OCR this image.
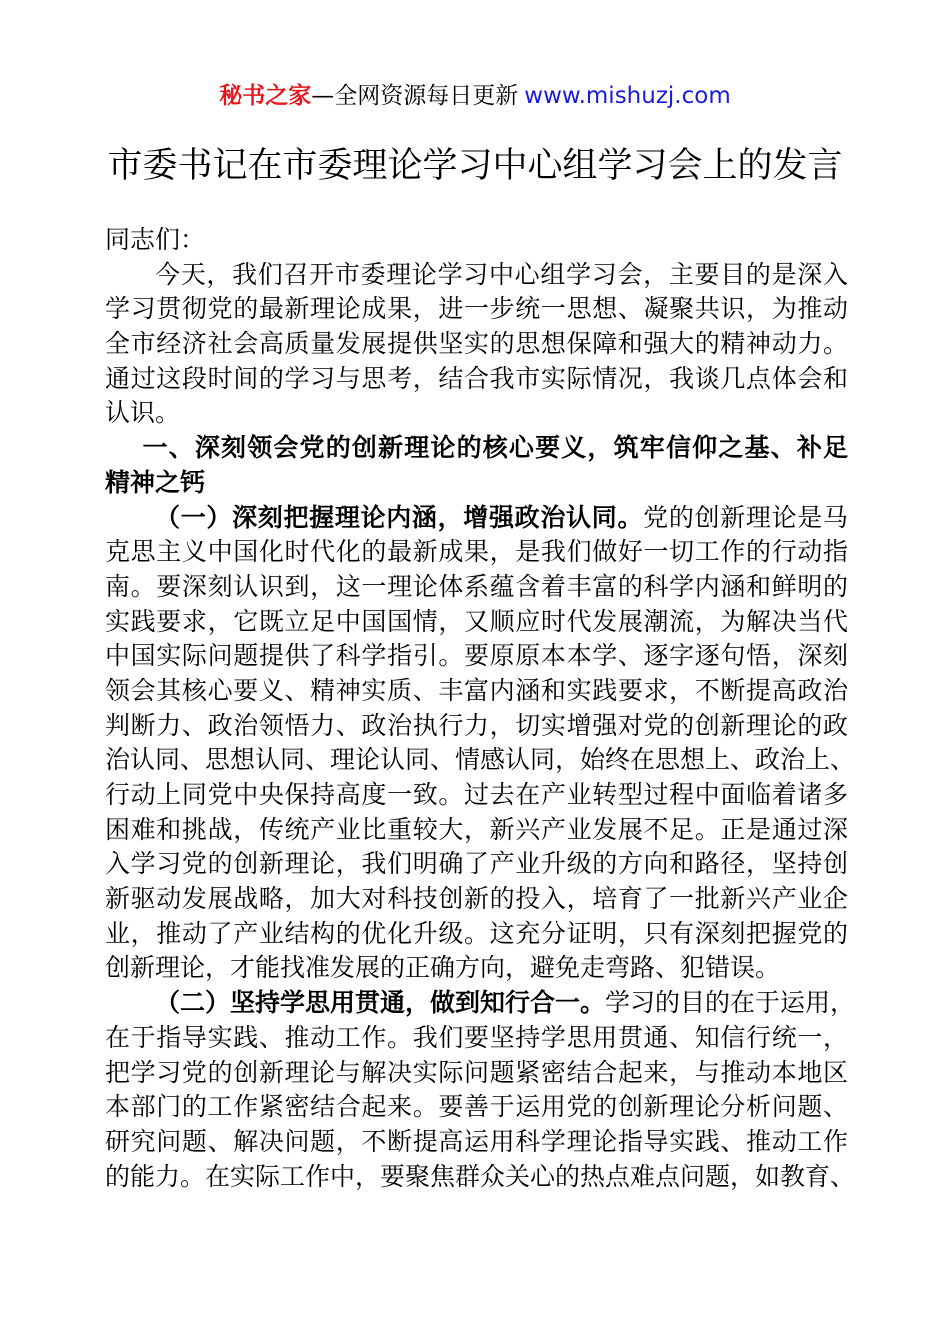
秘书之家—全网资源每日更新 www.mishuzj.com
市委书记在市委理论学习中心组学习会上的发言
同志们：
今天，我们召开市委理论学习中心组学习会，主要目的是深入
学习贯彻党的最新理论成果，进一步统一思想、凝聚共识，为推动
全市经济社会高质量发展提供坚实的思想保障和强大的精神动力。
通过这段时间的学习与思考，结合我市实际情况，我谈几点体会和
认识。
一、深刻领会党的创新理论的核心要义，筑牢信仰之基、补足
精神之钙
（一）深刻把握理论内涵，增强政治认同。党的创新理论是马
克思主义中国化时代化的最新成果，是我们做好一切工作的行动指
南。要深刻认识到，这一理论体系蕴含着丰富的科学内涵和鲜明的
实践要求，它既立足中国国情，又顺应时代发展潮流，为解决当代
中国实际问题提供了科学指引。要原原本本学、逐字逐句悟，深刻
领会其核心要义、精神实质、丰富内涵和实践要求，不断提高政治
判断力、政治领悟力、政治执行力，切实增强对党的创新理论的政
治认同、思想认同、理论认同、情感认同，始终在思想上、政治上、
行动上同党中央保持高度一致。过去在产业转型过程中面临着诸多
困难和挑战，传统产业比重较大，新兴产业发展不足。正是通过深
入学习党的创新理论，我们明确了产业升级的方向和路径，坚持创
新驱动发展战略，加大对科技创新的投入，培育了一批新兴产业企
业，推动了产业结构的优化升级。这充分证明，只有深刻把握党的
创新理论，才能找准发展的正确方向，避免走弯路、犯错误。
（二）坚持学思用贯通，做到知行合一。学习的目的在于运用，
在于指导实践、推动工作。我们要坚持学思用贯通、知信行统一，
把学习党的创新理论与解决实际问题紧密结合起来，与推动本地区
本部门的工作紧密结合起来。要善于运用党的创新理论分析问题、
研究问题、解决问题，不断提高运用科学理论指导实践、推动工作
的能力。在实际工作中，要聚焦群众关心的热点难点问题，如教育、
